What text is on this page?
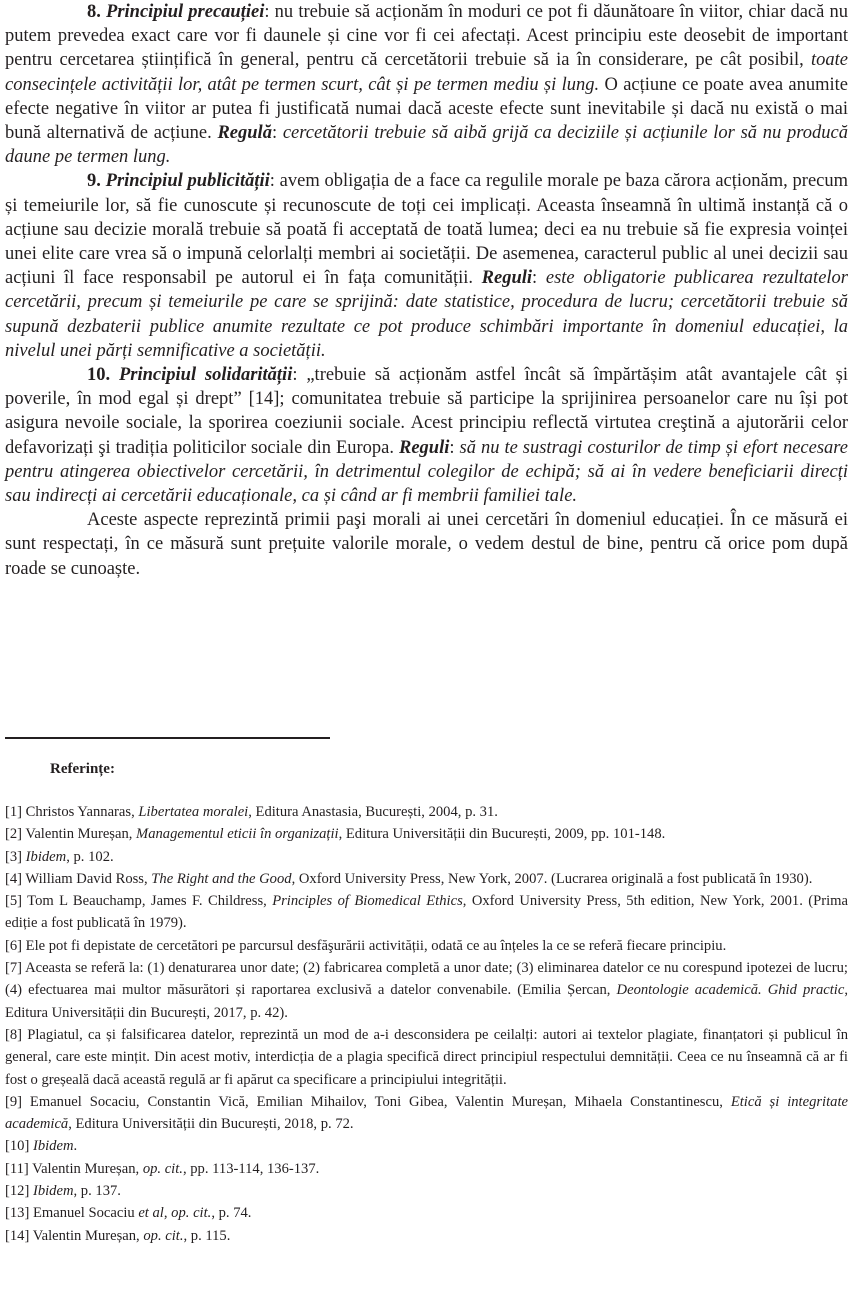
8. Principiul precauției: nu trebuie să acționăm în moduri ce pot fi dăunătoare în viitor, chiar dacă nu putem prevedea exact care vor fi daunele și cine vor fi cei afectați. Acest principiu este deosebit de important pentru cercetarea științifică în general, pentru că cercetătorii trebuie să ia în considerare, pe cât posibil, toate consecințele activității lor, atât pe termen scurt, cât și pe termen mediu și lung. O acțiune ce poate avea anumite efecte negative în viitor ar putea fi justificată numai dacă aceste efecte sunt inevitabile și dacă nu există o mai bună alternativă de acțiune. Regulă: cercetătorii trebuie să aibă grijă ca deciziile și acțiunile lor să nu producă daune pe termen lung.

9. Principiul publicității: avem obligația de a face ca regulile morale pe baza cărora acționăm, precum și temeiurile lor, să fie cunoscute și recunoscute de toți cei implicați. Aceasta înseamnă în ultimă instanță că o acțiune sau decizie morală trebuie să poată fi acceptată de toată lumea; deci ea nu trebuie să fie expresia voinței unei elite care vrea să o impună celorlalți membri ai societății. De asemenea, caracterul public al unei decizii sau acțiuni îl face responsabil pe autorul ei în fața comunității. Reguli: este obligatorie publicarea rezultatelor cercetării, precum și temeiurile pe care se sprijină: date statistice, procedura de lucru; cercetătorii trebuie să supună dezbaterii publice anumite rezultate ce pot produce schimbări importante în domeniul educației, la nivelul unei părți semnificative a societății.

10. Principiul solidarității: „trebuie să acționăm astfel încât să împărtășim atât avantajele cât și poverile, în mod egal și drept” [14]; comunitatea trebuie să participe la sprijinirea persoanelor care nu își pot asigura nevoile sociale, la sporirea coeziunii sociale. Acest principiu reflectă virtutea creştină a ajutorării celor defavorizați şi tradiția politicilor sociale din Europa. Reguli: să nu te sustragi costurilor de timp și efort necesare pentru atingerea obiectivelor cercetării, în detrimentul colegilor de echipă; să ai în vedere beneficiarii direcți sau indirecți ai cercetării educaționale, ca și când ar fi membrii familiei tale.

Aceste aspecte reprezintă primii paşi morali ai unei cercetări în domeniul educației. În ce măsură ei sunt respectați, în ce măsură sunt prețuite valorile morale, o vedem destul de bine, pentru că orice pom după roade se cunoaște.

Referințe:

[1] Christos Yannaras, Libertatea moralei, Editura Anastasia, București, 2004, p. 31.
[2] Valentin Mureșan, Managementul eticii în organizații, Editura Universității din București, 2009, pp. 101-148.
[3] Ibidem, p. 102.
[4] William David Ross, The Right and the Good, Oxford University Press, New York, 2007. (Lucrarea originală a fost publicată în 1930).
[5] Tom L Beauchamp, James F. Childress, Principles of Biomedical Ethics, Oxford University Press, 5th edition, New York, 2001. (Prima ediție a fost publicată în 1979).
[6] Ele pot fi depistate de cercetători pe parcursul desfăşurării activității, odată ce au înțeles la ce se referă fiecare principiu.
[7] Aceasta se referă la: (1) denaturarea unor date; (2) fabricarea completă a unor date; (3) eliminarea datelor ce nu corespund ipotezei de lucru; (4) efectuarea mai multor măsurători și raportarea exclusivă a datelor convenabile. (Emilia Șercan, Deontologie academică. Ghid practic, Editura Universității din București, 2017, p. 42).
[8] Plagiatul, ca și falsificarea datelor, reprezintă un mod de a-i desconsidera pe ceilalți: autori ai textelor plagiate, finanțatori și publicul în general, care este mințit. Din acest motiv, interdicția de a plagia specifică direct principiul respectului demnității. Ceea ce nu înseamnă că ar fi fost o greșeală dacă această regulă ar fi apărut ca specificare a principiului integrității.
[9] Emanuel Socaciu, Constantin Vică, Emilian Mihailov, Toni Gibea, Valentin Mureșan, Mihaela Constantinescu, Etică și integritate academică, Editura Universității din București, 2018, p. 72.
[10] Ibidem.
[11] Valentin Mureșan, op. cit., pp. 113-114, 136-137.
[12] Ibidem, p. 137.
[13] Emanuel Socaciu et al, op. cit., p. 74.
[14] Valentin Mureșan, op. cit., p. 115.
